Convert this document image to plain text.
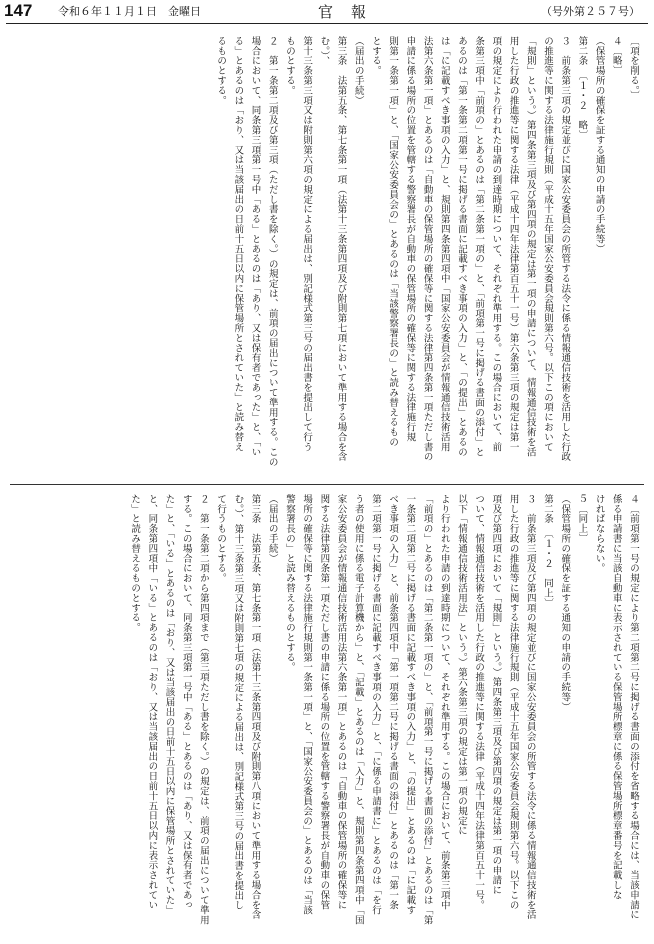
147 令和６年１１月１日　金曜日	官報	（号外第２５７号）
〔項を削る。〕
４〔略〕
（保管場所の確保を証する通知の申請の手続等）
第二条　〔１・２　略〕
３　前条第三項の規定並びに国家公安委員会の所管する法令に係る情報通信技術を活用した行政
の推進等に関する法律施行規則（平成十五年国家公安委員会規則第六号。以下この項において
「規則」という。）第四条第三項及び第四項の規定は第一項の申請について、情報通信技術を活
用した行政の推進等に関する法律（平成十四年法律第百五十一号）第六条第三項の規定は第一
項の規定により行われた申請の到達時期について、それぞれ準用する。この場合において、前
条第三項中「前項の」とあるのは「第二条第一項の」と、「前項第一号に掲げる書面の添付」と
あるのは「第一条第二項第一号に掲げる書面に記載すべき事項の入力」と、「の提出」とあるの
は「に記載すべき事項の入力」と、規則第四条第四項中「国家公安委員会が情報通信技術活用
法第六条第一項」とあるのは「自動車の保管場所の確保等に関する法律第四条第一項ただし書の
申請に係る場所の位置を管轄する警察署長が自動車の保管場所の確保等に関する法律施行規
則第一条第一項」と、「国家公安委員会の」とあるのは「当該警察署長の」と読み替えるもの
とする。
（届出の手続）
第三条　法第五条、第七条第一項（法第十三条第四項及び附則第七項において準用する場合を含む。）、
第十三条第三項又は附則第六項の規定による届出は、別記様式第三号の届出書を提出して行う
ものとする。
２　第一条第二項及び第三項（ただし書を除く。）の規定は、前項の届出について準用する。この
場合において、同条第三項第一号中「ある」とあるのは「あり、又は保有者であった」と、「い
る」とあるのは「おり、又は当該届出の日前十五日以内に保管場所とされていた」と読み替え
るものとする。
４〔前項第一号の規定により第二項第二号に掲げる書面の添付を省略する場合には、当該申請に
係る申請書に当該自動車に表示されている保管場所標章に係る保管場所標章番号を記載しな
ければならない。
５〔同上〕
（保管場所の確保を証する通知の申請の手続等）
第二条　〔１・２　同上〕
３　前条第三項及び第四項の規定並びに国家公安委員会の所管する法令に係る情報通信技術を活
用した行政の推進等に関する法律施行規則（平成十五年国家公安委員会規則第六号。以下この
項及び第四項において「規則」という。）第四条第三項及び第四項の規定は第一項の申請に
ついて、情報通信技術を活用した行政の推進等に関する法律（平成十四年法律第百五十一号。
以下「情報通信技術活用法」という。）第六条第三項の規定は第一項の規定に
より行われた申請の到達時期について、それぞれ準用する。この場合において、前条第三項中
「前項の」とあるのは「第二条第一項の」と、「前項第一号に掲げる書面の添付」とあるのは「第
一条第二項第二号に掲げる書面に記載すべき事項の入力」と、「の提出」とあるのは「に記載す
べき事項の入力」と、前条第四項中「第一項第二号に掲げる書面の添付」とあるのは「第一条
第二項第一号に掲げる書面に記載すべき事項の入力」と、「に係る申請書に」とあるのは「を行
う者の使用に係る電子計算機から」と、「記載」とあるのは「入力」と、規則第四条第四項中「国
家公安委員会が情報通信技術活用法第六条第一項」とあるのは「自動車の保管場所の確保等に
関する法律第四条第一項ただし書の申請に係る場所の位置を管轄する警察署長が自動車の保管
場所の確保等に関する法律施行規則第一条第一項」と、「国家公安委員会の」とあるのは「当該
警察署長の」と読み替えるものとする。
（届出の手続）
第三条　法第五条、第七条第一項（法第十三条第四項及び附則第八項において準用する場合を含
む。）、第十三条第三項又は附則第七項の規定による届出は、別記様式第三号の届出書を提出し
て行うものとする。
２　第一条第二項から第四項まで（第三項ただし書を除く。）の規定は、前項の届出について準用
する。この場合において、同条第三項第一号中「ある」とあるのは「あり、又は保有者であっ
た」と、「いる」とあるのは「おり、又は当該届出の日前十五日以内に保管場所とされていた」
と、同条第四項中「いる」とあるのは「おり、又は当該届出の日前十五日以内に表示されてい
た」と読み替えるものとする。
